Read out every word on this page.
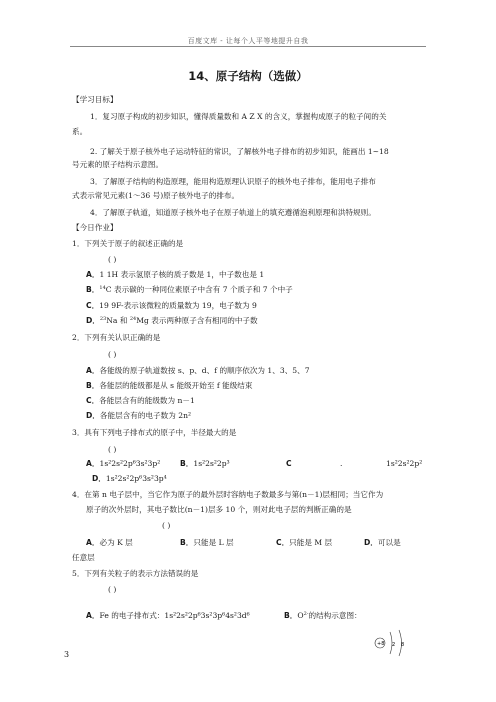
百度文库 - 让每个人平等地提升自我
14、原子结构（选做）
【学习目标】
1．复习原子构成的初步知识，懂得质量数和 A Z X 的含义，掌握构成原子的粒子间的关
系。
2. 了解关于原子核外电子运动特征的常识，了解核外电子排布的初步知识，能画出 1~18
号元素的原子结构示意图。
3．了解原子结构的构造原理，能用构造原理认识原子的核外电子排布，能用电子排布
式表示常见元素(1～36 号)原子核外电子的排布。
4．了解原子轨道，知道原子核外电子在原子轨道上的填充遵循泡利原理和洪特规则。
【今日作业】
1．下列关于原子的叙述正确的是
( )
A．1 1H 表示氢原子核的质子数是 1，中子数也是 1
B．$^{14}$C 表示碳的一种同位素原子中含有 7 个质子和 7 个中子
C．19 9F-表示该微粒的质量数为 19，电子数为 9
D．$^{23}$Na 和 $^{24}$Mg 表示两种原子含有相同的中子数
2．下列有关认识正确的是
( )
A．各能级的原子轨道数按 s、p、d、f 的顺序依次为 1、3、5、7
B．各能层的能级都是从 s 能级开始至 f 能级结束
C．各能层含有的能级数为 n－1
D．各能层含有的电子数为 2n²
3．具有下列电子排布式的原子中，半径最大的是
( )
A．1s²2s²2p⁶3s²3p²	B．1s²2s²2p³	C	.	1s²2s²2p²
D．1s²2s²2p⁶3s²3p⁴
4．在第 n 电子层中，当它作为原子的最外层时容纳电子数最多与第(n－1)层相同；当它作为
原子的次外层时，其电子数比(n－1)层多 10 个，则对此电子层的判断正确的是
( )
A．必为 K 层	B．只能是 L 层	C．只能是 M 层	D．可以是
任意层
5．下列有关粒子的表示方法错误的是
( )
A．Fe 的电子排布式：1s²2s²2p⁶3s²3p⁶4s²3d⁶	B．$O^{2-}$的结构示意图：
+8 2 8
3
